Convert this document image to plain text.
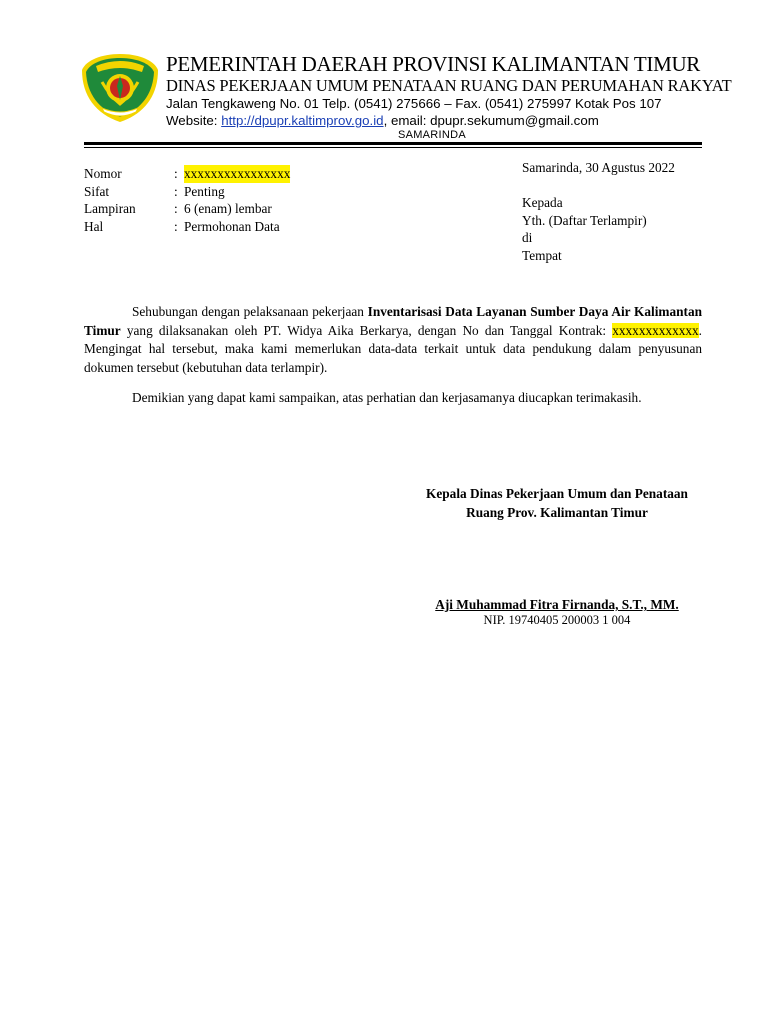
PEMERINTAH DAERAH PROVINSI KALIMANTAN TIMUR
DINAS PEKERJAAN UMUM PENATAAN RUANG DAN PERUMAHAN RAKYAT
Jalan Tengkaweng No. 01 Telp. (0541) 275666 – Fax. (0541) 275997 Kotak Pos 107
Website: http://dpupr.kaltimprov.go.id, email: dpupr.sekumum@gmail.com
SAMARINDA
Nomor	: xxxxxxxxxxxxxxxx
Sifat	: Penting
Lampiran	: 6 (enam) lembar
Hal	: Permohonan Data
Samarinda, 30 Agustus 2022
Kepada
Yth. (Daftar Terlampir)
di
Tempat

Sehubungan dengan pelaksanaan pekerjaan Inventarisasi Data Layanan Sumber Daya Air Kalimantan Timur yang dilaksanakan oleh PT. Widya Aika Berkarya, dengan No dan Tanggal Kontrak: xxxxxxxxxxxxx. Mengingat hal tersebut, maka kami memerlukan data-data terkait untuk data pendukung dalam penyusunan dokumen tersebut (kebutuhan data terlampir).

Demikian yang dapat kami sampaikan, atas perhatian dan kerjasamanya diucapkan terimakasih.

Kepala Dinas Pekerjaan Umum dan Penataan
Ruang Prov. Kalimantan Timur
Aji Muhammad Fitra Firnanda, S.T., MM.
NIP. 19740405 200003 1 004
